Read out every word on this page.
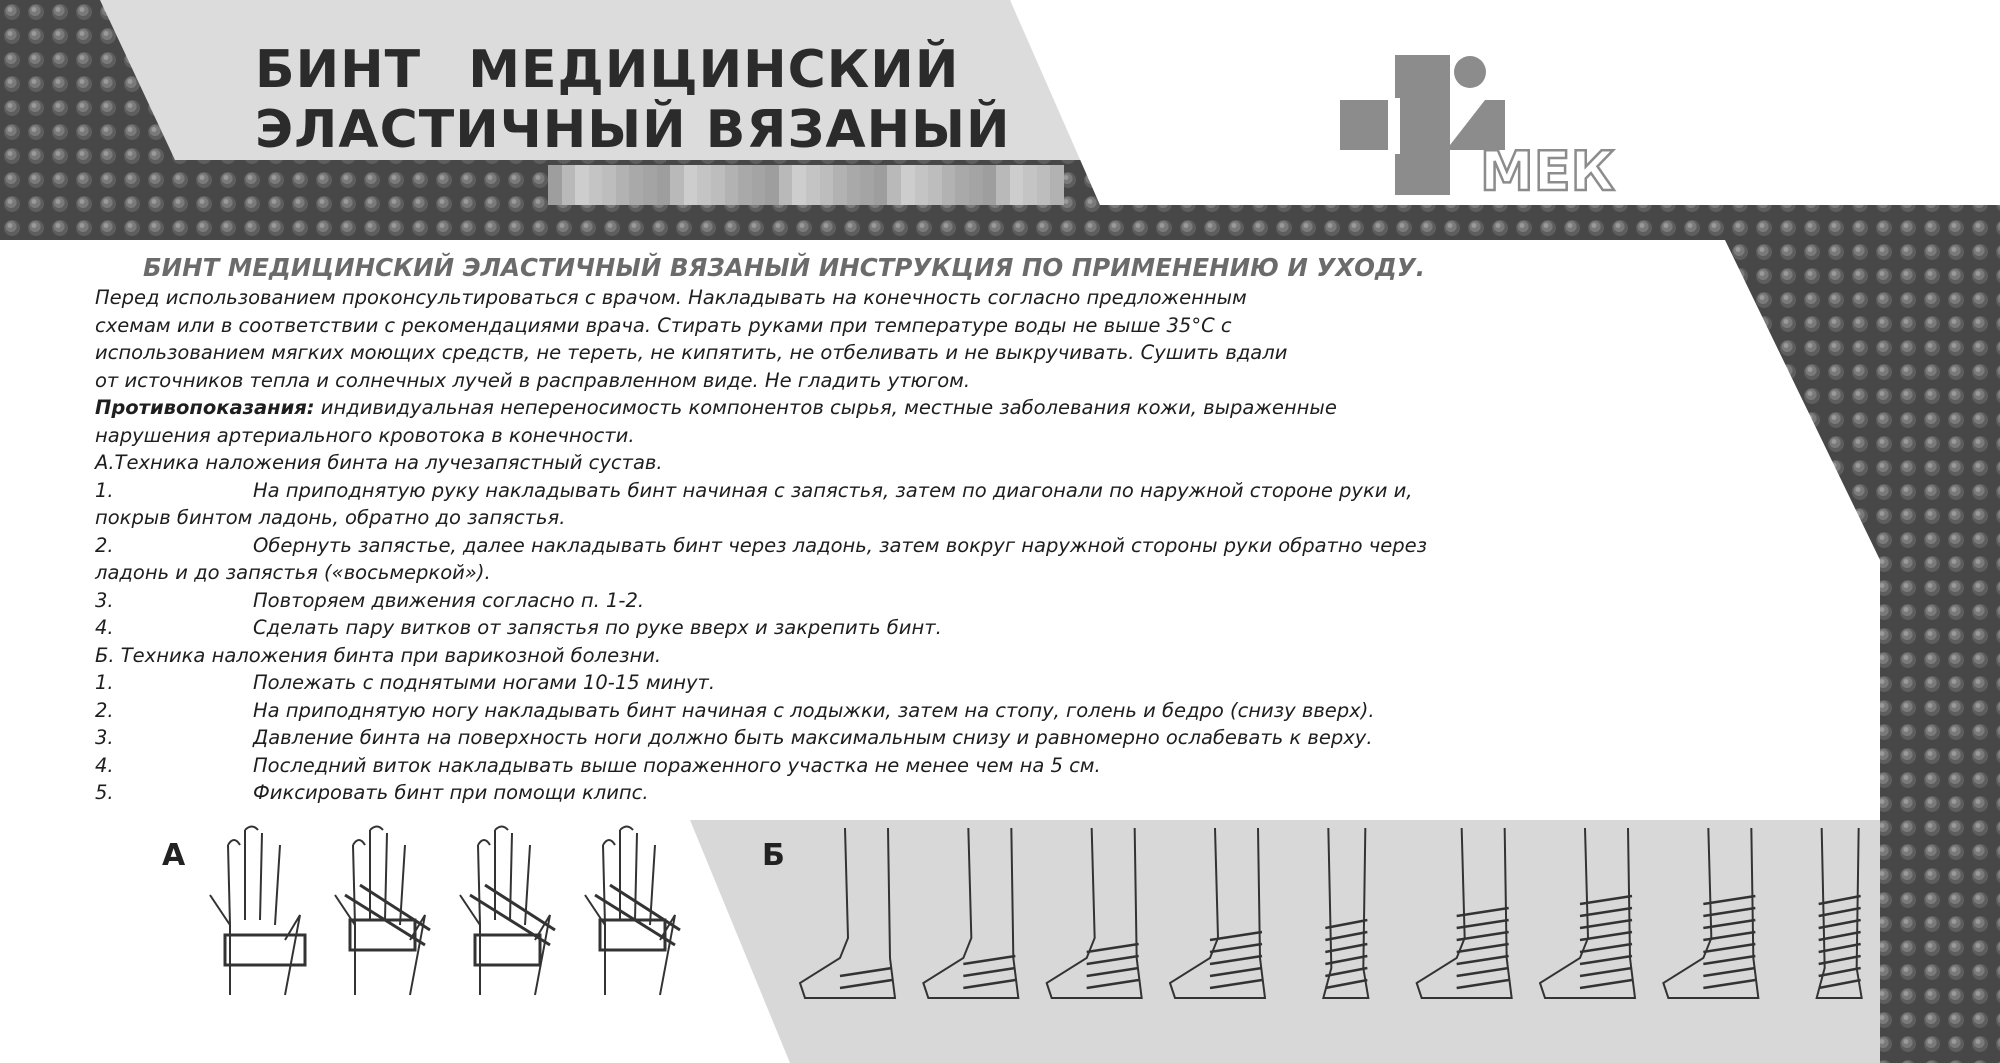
БИНТ МЕДИЦИНСКИЙ
ЭЛАСТИЧНЫЙ ВЯЗАНЫЙ
МЕК
БИНТ МЕДИЦИНСКИЙ ЭЛАСТИЧНЫЙ ВЯЗАНЫЙ ИНСТРУКЦИЯ ПО ПРИМЕНЕНИЮ И УХОДУ.
Перед использованием проконсультироваться с врачом. Накладывать на конечность согласно предложенным
схемам или в соответствии с рекомендациями врача. Стирать руками при температуре воды не выше 35°С с
использованием мягких моющих средств, не тереть, не кипятить, не отбеливать и не выкручивать. Сушить вдали
от источников тепла и солнечных лучей в расправленном виде. Не гладить утюгом.
Противопоказания: индивидуальная непереносимость компонентов сырья, местные заболевания кожи, выраженные
нарушения артериального кровотока в конечности.
А.Техника наложения бинта на лучезапястный сустав.
1.	На приподнятую руку накладывать бинт начиная с запястья, затем по диагонали по наружной стороне руки и,
покрыв бинтом ладонь, обратно до запястья.
2.	Обернуть запястье, далее накладывать бинт через ладонь, затем вокруг наружной стороны руки обратно через
ладонь и до запястья («восьмеркой»).
3.	Повторяем движения согласно п. 1-2.
4.	Сделать пару витков от запястья по руке вверх и закрепить бинт.
Б. Техника наложения бинта при варикозной болезни.
1.	Полежать с поднятыми ногами 10-15 минут.
2.	На приподнятую ногу накладывать бинт начиная с лодыжки, затем на стопу, голень и бедро (снизу вверх).
3.	Давление бинта на поверхность ноги должно быть максимальным снизу и равномерно ослабевать к верху.
4.	Последний виток накладывать выше пораженного участка не менее чем на 5 см.
5.	Фиксировать бинт при помощи клипс.
А	Б
